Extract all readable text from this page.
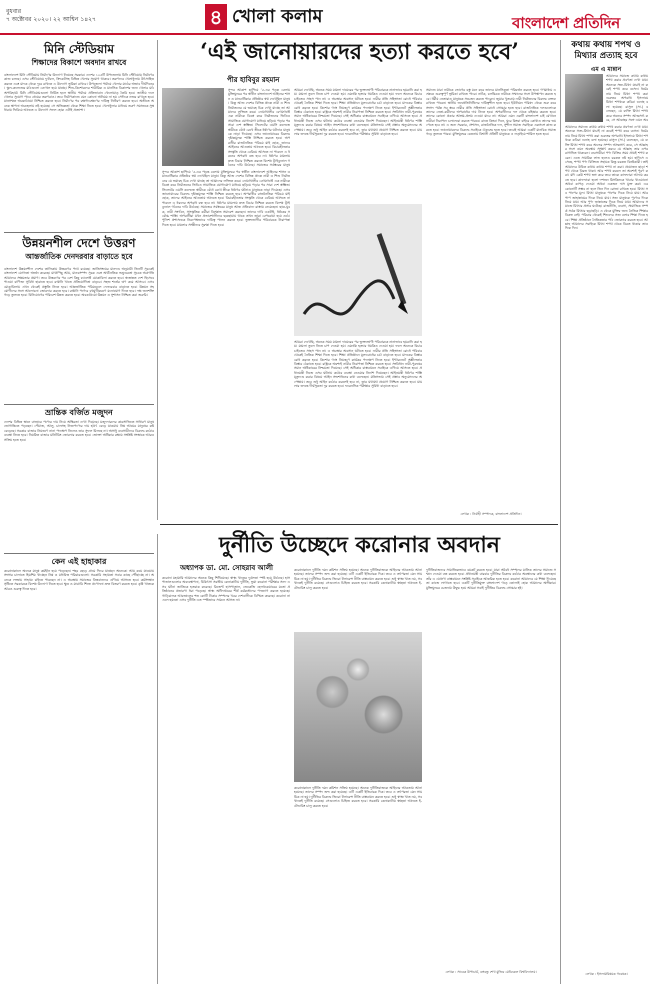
বুধবার
৭ অক্টোবর ২০২০। ২২ আশ্বিন ১৪২৭	৪ খোলা কলাম	বাংলাদেশ প্রতিদিন
মিনি স্টেডিয়াম
শিক্ষাদের বিকাশে অবদান রাখবে
বাংলাদেশে মিনি স্টেডিয়াম নির্মাণের উদ্যোগ নিয়েছে সরকার। দেশের ১২৫টি উপজেলায় মিনি স্টেডিয়াম নির্মাণের কাজ চলছে। এসব স্টেডিয়ামে ফুটবল, ক্রিকেটসহ বিভিন্ন খেলার সুযোগ থাকবে। তরুণদের খেলাধুলায় উৎসাহিত করতে এবং মাদক থেকে দূরে রাখতে এ উদ্যোগ ভূমিকা রাখবে। উপজেলা পর্যায়ে খেলার মাঠের অভাব দীর্ঘদিনের। স্কুল-কলেজের মাঠগুলো বেদখল হয়ে যাচ্ছে। শিশু-কিশোরদের শারীরিক ও মানসিক বিকাশের জন্য খেলার মাঠ অপরিহার্য। মিনি স্টেডিয়ামগুলো নির্মিত হলে স্থানীয় পর্যায়ে প্রতিভাবান খেলোয়াড় তৈরি হবে। জাতীয় দলে খেলার সুযোগ পাবে গ্রামের তরুণরাও। তবে নির্মাণকাজে যেন কোনো অনিয়ম না হয় সেদিকে নজর রাখতে হবে। মানসম্মত অবকাঠামো নিশ্চিত করতে হবে। নির্মাণের পর রক্ষণাবেক্ষণের দায়িত্ব নির্ধারণ করতে হবে। অতীতে অনেক স্থাপনা অবহেলায় নষ্ট হয়েছে। সে অভিজ্ঞতা থেকে শিক্ষা নিতে হবে। খেলাধুলার মাধ্যমে তরুণ সমাজকে সুস্থ ধারায় ফিরিয়ে আনতে এ উদ্যোগ সফল হোক এটাই প্রত্যাশা।
উন্নয়নশীল দেশে উত্তরণ
আন্তর্জাতিক দেনদরবার বাড়াতে হবে
বাংলাদেশ উন্নয়নশীল দেশের তালিকায় উত্তরণের পথে রয়েছে। জাতিসংঘের মানদণ্ড অনুযায়ী তিনটি সূচকেই বাংলাদেশ যোগ্যতা অর্জন করেছে। মাথাপিছু আয়, মানবসম্পদ সূচক এবং অর্থনৈতিক ভঙ্গুরতা সূচকে অগ্রগতি আমাদের সক্ষমতার প্রমাণ। তবে উত্তরণের পর বেশ কিছু চ্যালেঞ্জ মোকাবিলা করতে হবে। স্বল্পোন্নত দেশ হিসেবে পাওয়া বাণিজ্য সুবিধা হারাতে হবে। রপ্তানি খাতে প্রতিযোগিতা বাড়বে। সহজ শর্তের ঋণ কমে আসবে। এসব মোকাবিলায় এখন থেকেই প্রস্তুতি নিতে হবে। আন্তর্জাতিক পরিমণ্ডলে দেনদরবার বাড়াতে হবে। উন্নয়ন সহযোগীদের সঙ্গে আলোচনা জোরদার করতে হবে। রপ্তানি পণ্যের বহুমুখীকরণে মনোযোগ দিতে হবে। দক্ষ জনশক্তি গড়ে তুলতে হবে। বিনিয়োগের পরিবেশ উন্নত করতে হবে। অবকাঠামো উন্নয়ন ও সুশাসন নিশ্চিত করা জরুরি।
ভ্রান্তিক বর্জিত মজুদন
দেশের বিভিন্ন স্থানে বাজারে পণ্যের দাম নিয়ে অস্থিরতা দেখা দিয়েছে। মজুদদারদের কারসাজিতে সাধারণ মানুষ ভোগান্তিতে পড়ছেন। পেঁয়াজ, আলু, চালসহ নিত্যপণ্যের দাম হঠাৎ বেড়ে যাওয়ায় নিম্ন আয়ের মানুষের কষ্ট বেড়েছে। সরকার বাজার নিয়ন্ত্রণে নানা পদক্ষেপ নিলেও তার সুফল মিলছে না। অসাধু ব্যবসায়ীদের বিরুদ্ধে কঠোর ব্যবস্থা নিতে হবে। নিয়মিত বাজার মনিটরিং জোরদার করতে হবে। ভোক্তা অধিকার রক্ষায় সংশ্লিষ্ট সংস্থাকে আরও সক্রিয় হতে হবে।
কেন এই হাহাকার
করোনাকালে অনেক মানুষ কর্মহীন হয়ে পড়েছেন। শহর ছেড়ে গ্রামে ফিরে যাচ্ছেন অনেকে। আয় কমে যাওয়ায় সংসার চালাতে হিমশিম খাচ্ছেন নিম্ন ও মধ্যবিত্ত পরিবারগুলো। সরকারি সহায়তা সবার কাছে পৌঁছাচ্ছে না। অনেকে লজ্জায় সাহায্য চাইতে পারছেন না। এ অবস্থায় সমাজের বিত্তবানদের এগিয়ে আসতে হবে। কর্মসংস্থান সৃষ্টিতে সরকারকে বিশেষ উদ্যোগ নিতে হবে। ক্ষুদ্র ও মাঝারি শিল্পে প্রণোদনা দ্রুত বিতরণ করতে হবে। কৃষি খাতকে আরও গুরুত্ব দিতে হবে।
‘এই জানোয়ারদের হত্যা করতে হবে’
পীর হাবিবুর রহমান
সুন্দর আকাশ ছাপিয়ে ‘৫-এর পড়ন্ত বেলায় মুক্তিযুদ্ধের পর স্বাধীন বাংলাদেশে আইনের শাসন ও মানবাধিকার প্রতিষ্ঠার স্বপ্ন দেখেছিল মানুষ। কিন্তু আজ দেশের বিভিন্ন প্রান্তে নারী ও শিশু নির্যাতনের যে ভয়াবহ চিত্র দেখা যাচ্ছে তা আমাদের লজ্জিত করে। নোয়াখালীর বেগমগঞ্জে এক নারীকে বিবস্ত্র করে নির্যাতনের ভিডিও সামাজিক যোগাযোগ মাধ্যমে ছড়িয়ে পড়ার পর সারা দেশ স্তম্ভিত। সিলেটের এমসি কলেজে স্বামীকে বেঁধে রেখে স্ত্রীকে ধর্ষণের ঘটনাও মানুষকে নাড়া দিয়েছে। এসব জানোয়ারের বিরুদ্ধে দৃষ্টান্তমূলক শাস্তি নিশ্চিত করতে হবে। অপরাধীর রাজনৈতিক পরিচয় যাই হোক, তাদের আইনের আওতায় আনতে হবে। বিচারহীনতার সংস্কৃতি থেকে বেরিয়ে আসতে না পারলে এ ধরনের অপরাধ বন্ধ হবে না। ধর্ষণের মামলায় দ্রুত বিচার নিশ্চিত করতে বিশেষ ট্রাইব্যুনাল গঠনের দাবি উঠেছে। সমাজের সর্বস্তরের মানুষ
সুন্দর আকাশ ছাপিয়ে ‘৫-এর পড়ন্ত বেলায় মুক্তিযুদ্ধের পর স্বাধীন বাংলাদেশে আইনের শাসন ও মানবাধিকার প্রতিষ্ঠার স্বপ্ন দেখেছিল মানুষ। কিন্তু আজ দেশের বিভিন্ন প্রান্তে নারী ও শিশু নির্যাতনের যে ভয়াবহ চিত্র দেখা যাচ্ছে তা আমাদের লজ্জিত করে। নোয়াখালীর বেগমগঞ্জে এক নারীকে বিবস্ত্র করে নির্যাতনের ভিডিও সামাজিক যোগাযোগ মাধ্যমে ছড়িয়ে পড়ার পর সারা দেশ স্তম্ভিত। সিলেটের এমসি কলেজে স্বামীকে বেঁধে রেখে স্ত্রীকে ধর্ষণের ঘটনাও মানুষকে নাড়া দিয়েছে। এসব জানোয়ারের বিরুদ্ধে দৃষ্টান্তমূলক শাস্তি নিশ্চিত করতে হবে। অপরাধীর রাজনৈতিক পরিচয় যাই হোক, তাদের আইনের আওতায় আনতে হবে। বিচারহীনতার সংস্কৃতি থেকে বেরিয়ে আসতে না পারলে এ ধরনের অপরাধ বন্ধ হবে না। ধর্ষণের মামলায় দ্রুত বিচার নিশ্চিত করতে বিশেষ ট্রাইব্যুনাল গঠনের দাবি উঠেছে। সমাজের সর্বস্তরের মানুষ আজ প্রতিবাদে রাস্তায় নেমেছেন। ছাত্র-যুবক, নারী সংগঠন, সাংস্কৃতিক কর্মীরা বিক্ষোভ সমাবেশ করছেন। তাদের দাবি একটাই, ধর্ষকের সর্বোচ্চ শাস্তি। অপরাধীরা যখন প্রভাবশালীদের ছত্রছায়ায় থাকে তখন তারা বেপরোয়া হয়ে ওঠে। পুলিশ প্রশাসনকে নিরপেক্ষভাবে দায়িত্ব পালন করতে হবে। ভুক্তভোগীর পরিবারকে নিরাপত্তা দিতে হবে। মামলার সাক্ষীদের সুরক্ষা দিতে হবে।
আমরা দেখেছি, অনেক সময় মামলা দায়েরের পর ভুক্তভোগী পরিবারকে নানাভাবে হয়রানি করা হয়। মামলা তুলে নিতে চাপ দেওয়া হয়। এমনকি হত্যার হুমকিও দেওয়া হয়। ফলে অনেকে বিচার চাইতেও সাহস পান না। এ অবস্থার অবসান ঘটাতে হবে। নারীর প্রতি সহিংসতা রোধে পরিবার থেকেই নৈতিক শিক্ষা দিতে হবে। শিক্ষা প্রতিষ্ঠানে মূল্যবোধের চর্চা বাড়াতে হবে। মাদকের বিস্তার রোধ করতে হবে। কিশোর গ্যাং নিয়ন্ত্রণে কার্যকর পদক্ষেপ নিতে হবে। ইন্টারনেটে অশ্লীলতার বিস্তার ঠেকাতে হবে। রাষ্ট্রকে অবশ্যই নারীর নিরাপত্তা নিশ্চিত করতে হবে। সংবিধান নারী-পুরুষের সমান অধিকারের নিশ্চয়তা দিয়েছে। সেই অধিকার বাস্তবায়নে সবাইকে এগিয়ে আসতে হবে। প্রধানমন্ত্রী নিজে এসব ঘটনায় কঠোর ব্যবস্থা নেওয়ার নির্দেশ দিয়েছেন। আইনমন্ত্রী ধর্ষণের শাস্তি মৃত্যুদণ্ড করার বিষয়ে আইন সংশোধনের কথা বলেছেন। মন্ত্রিসভায় সেই প্রস্তাব অনুমোদনের অপেক্ষায়। তবে শুধু আইন কঠোর করলেই হবে না, তার যথাযথ প্রয়োগ নিশ্চিত করতে হবে। মামলার তদন্তে দীর্ঘসূত্রতা দূর করতে হবে। ফরেনসিক পরীক্ষার সুবিধা বাড়াতে হবে।
সমাজে যারা নারীকে ভোগের বস্তু মনে করে তাদের মানসিকতা পরিবর্তন করতে হবে। গণমাধ্যম এ ক্ষেত্রে গুরুত্বপূর্ণ ভূমিকা রাখতে পারে। নাটক, চলচ্চিত্রে নারীকে সম্মানের সঙ্গে উপস্থাপন করতে হবে। ধর্মীয় নেতারাও মানুষকে সচেতন করতে পারেন। জুমার খুতবায় নারী নির্যাতনের বিরুদ্ধে বক্তব্য রাখতে পারেন। স্থানীয় জনপ্রতিনিধিদের দায়িত্বশীল হতে হবে। ইউনিয়ন পরিষদ থেকে শুরু করে সংসদ পর্যন্ত সব স্তরে নারীর প্রতি সহিংসতা রোধে সোচ্চার হতে হবে। রাজনৈতিক দলগুলোকে তাদের নেতা-কর্মীদের অপরাধের দায় নিতে হবে। অপরাধীদের দল থেকে বহিষ্কার করতে হবে। তাদের কোনো প্রকার আশ্রয়-প্রশ্রয় দেওয়া যাবে না। আমরা এমন একটি বাংলাদেশ চাই যেখানে নারীরা নিরাপদে চলাফেরা করতে পারবে। রাতে কিংবা দিনে, ঘরে কিংবা বাইরে কোথাও তাদের ভয় পেতে হবে না। এ জন্য সরকার, প্রশাসন, রাজনৈতিক দল, সুশীল সমাজ সবাইকে একসঙ্গে কাজ করতে হবে। জানোয়ারদের বিরুদ্ধে সবাইকে ঐক্যবদ্ধ হতে হবে। তবেই আমরা একটি মানবিক সমাজ গড়ে তুলতে পারব। মুক্তিযুদ্ধের চেতনায় বিশ্বাসী প্রতিটি মানুষকে এ লড়াইয়ে শামিল হতে হবে।
আমরা দেখেছি, অনেক সময় মামলা দায়েরের পর ভুক্তভোগী পরিবারকে নানাভাবে হয়রানি করা হয়। মামলা তুলে নিতে চাপ দেওয়া হয়। এমনকি হত্যার হুমকিও দেওয়া হয়। ফলে অনেকে বিচার চাইতেও সাহস পান না। এ অবস্থার অবসান ঘটাতে হবে। নারীর প্রতি সহিংসতা রোধে পরিবার থেকেই নৈতিক শিক্ষা দিতে হবে। শিক্ষা প্রতিষ্ঠানে মূল্যবোধের চর্চা বাড়াতে হবে। মাদকের বিস্তার রোধ করতে হবে। কিশোর গ্যাং নিয়ন্ত্রণে কার্যকর পদক্ষেপ নিতে হবে। ইন্টারনেটে অশ্লীলতার বিস্তার ঠেকাতে হবে। রাষ্ট্রকে অবশ্যই নারীর নিরাপত্তা নিশ্চিত করতে হবে। সংবিধান নারী-পুরুষের সমান অধিকারের নিশ্চয়তা দিয়েছে। সেই অধিকার বাস্তবায়নে সবাইকে এগিয়ে আসতে হবে। প্রধানমন্ত্রী নিজে এসব ঘটনায় কঠোর ব্যবস্থা নেওয়ার নির্দেশ দিয়েছেন। আইনমন্ত্রী ধর্ষণের শাস্তি মৃত্যুদণ্ড করার বিষয়ে আইন সংশোধনের কথা বলেছেন। মন্ত্রিসভায় সেই প্রস্তাব অনুমোদনের অপেক্ষায়। তবে শুধু আইন কঠোর করলেই হবে না, তার যথাযথ প্রয়োগ নিশ্চিত করতে হবে। মামলার তদন্তে দীর্ঘসূত্রতা দূর করতে হবে। ফরেনসিক পরীক্ষার সুবিধা বাড়াতে হবে।
লেখক : নির্বাহী সম্পাদক, বাংলাদেশ প্রতিদিন।
কথায় কথায় শপথ ও মিথ্যার প্রত্যাহ হবে
এম এ মান্নান
আমাদের সমাজে কথায় কথায় শপথ করার প্রবণতা দেখা যায়। অনেকে সত্য-মিথ্যা যাচাই না করেই শপথ করে বসেন। ধর্মের নাম নিয়ে মিথ্যা শপথ করা গুরুতর অপরাধ। ইসলামে মিথ্যা শপথকে কবিরা গুনাহ বলা হয়েছে। রাসুল (সা.) বলেছেন, যে ব্যক্তি মিথ্যা শপথ করে অন্যের সম্পদ আত্মসাৎ করে, সে আল্লাহর সঙ্গে এমন অব
আমাদের সমাজে কথায় কথায় শপথ করার প্রবণতা দেখা যায়। অনেকে সত্য-মিথ্যা যাচাই না করেই শপথ করে বসেন। ধর্মের নাম নিয়ে মিথ্যা শপথ করা গুরুতর অপরাধ। ইসলামে মিথ্যা শপথকে কবিরা গুনাহ বলা হয়েছে। রাসুল (সা.) বলেছেন, যে ব্যক্তি মিথ্যা শপথ করে অন্যের সম্পদ আত্মসাৎ করে, সে আল্লাহর সঙ্গে এমন অবস্থায় সাক্ষাৎ করবে যে আল্লাহ তার ওপর রাগান্বিত থাকবেন। ব্যবসায়ীরা পণ্য বিক্রির সময় প্রায়ই শপথ করেন। এতে সাময়িক লাভ হলেও বরকত নষ্ট হয়। হাদিসে এসেছে, শপথ পণ্য বিক্রিতে সহায়ক কিন্তু বরকত বিনষ্টকারী। তাই আমাদের উচিত কথায় কথায় শপথ না করা। প্রয়োজন ছাড়া শপথ থেকে বিরত থাকা। আর শপথ করলে তা অবশ্যই পূরণ করা। যদি কেউ শপথ ভঙ্গ করে তবে তাকে কাফফারা আদায় করতে হবে। কাফফারা হলো দশজন মিসকিনকে খাবার খাওয়ানো অথবা কাপড় দেওয়া অথবা একজন দাস মুক্ত করা। এর কোনোটি সম্ভব না হলে তিন দিন রোজা রাখতে হবে। মিথ্যা সব পাপের মূল। মিথ্যা মানুষকে পাপের দিকে নিয়ে যায়। আর পাপ জাহান্নামের দিকে নিয়ে যায়। সত্য মানুষকে পুণ্যের দিকে নিয়ে যায়। আর পুণ্য জান্নাতের দিকে নিয়ে যায়। আমাদের সমাজে মিথ্যার প্রসার ঘটেছে। রাজনীতি, ব্যবসা, সামাজিক সম্পর্ক সর্বত্র মিথ্যার ছড়াছড়ি। এ থেকে মুক্তির জন্য নৈতিক শিক্ষার বিকল্প নেই। পরিবার থেকেই শিশুদের সত্য বলার শিক্ষা দিতে হবে। শিক্ষা প্রতিষ্ঠানে নৈতিকতার পাঠ জোরদার করতে হবে। আল্লাহ আমাদের সবাইকে মিথ্যা শপথ থেকে বিরত থাকার তাওফিক দিন।
লেখক : ইসলামবিষয়ক গবেষক।
দুর্নীতি উচ্ছেদে করোনার অবদান
অধ্যাপক ডা. মো. সোহরাব আলী
করোনা মহামারি আমাদের অনেক কিছু শিখিয়েছে। স্বাস্থ্য খাতের দুর্বলতা স্পষ্ট হয়ে উঠেছে। হাসপাতালগুলোর অব্যবস্থাপনা, চিকিৎসা সরঞ্জাম কেনাকাটায় দুর্নীতি, ভুয়া করোনা পরীক্ষার সনদ এসব ঘটনা জাতিকে হতবাক করেছে। রিজেন্ট হাসপাতাল, জেকেজি হেলথকেয়ারের মতো প্রতিষ্ঠানের প্রতারণা ধরা পড়েছে। স্বাস্থ্য অধিদপ্তরের শীর্ষ কর্মকর্তাদের পদত্যাগ করতে হয়েছে। গাড়িচালক আবজালের শত কোটি টাকার সম্পদের খবর দেশবাসীকে বিস্মিত করেছে। করোনা না এলে হয়তো এসব দুর্নীতি এত স্পষ্টভাবে সামনে আসত না।
করোনাকালে দুর্নীতি দমন কমিশন সক্রিয় হয়েছে। অনেক দুর্নীতিবাজকে আইনের আওতায় আনা হয়েছে। তাদের সম্পদ জব্দ করা হয়েছে। এটি একটি ইতিবাচক দিক। তবে এ তৎপরতা যেন সাময়িক না হয়। দুর্নীতির বিরুদ্ধে জিরো টলারেন্স নীতি বাস্তবায়ন করতে হবে। শুধু স্বাস্থ্য খাত নয়, সব খাতেই দুর্নীতি রয়েছে। সেগুলোও চিহ্নিত করতে হবে। সরকারি কেনাকাটায় স্বচ্ছতা আনতে ই-টেন্ডারিং চালু করতে হবে।
করোনাকালে দুর্নীতি দমন কমিশন সক্রিয় হয়েছে। অনেক দুর্নীতিবাজকে আইনের আওতায় আনা হয়েছে। তাদের সম্পদ জব্দ করা হয়েছে। এটি একটি ইতিবাচক দিক। তবে এ তৎপরতা যেন সাময়িক না হয়। দুর্নীতির বিরুদ্ধে জিরো টলারেন্স নীতি বাস্তবায়ন করতে হবে। শুধু স্বাস্থ্য খাত নয়, সব খাতেই দুর্নীতি রয়েছে। সেগুলোও চিহ্নিত করতে হবে। সরকারি কেনাকাটায় স্বচ্ছতা আনতে ই-টেন্ডারিং চালু করতে হবে।
দুর্নীতিবাজদের সামাজিকভাবে বয়কট করতে হবে। যারা অবৈধ সম্পদের মালিক তাদের সমাজে সম্মান দেওয়া বন্ধ করতে হবে। প্রধানমন্ত্রী বারবার দুর্নীতির বিরুদ্ধে কঠোর অবস্থানের কথা বলেছেন। তাঁর এ ঘোষণা বাস্তবায়নে সংশ্লিষ্ট সবাইকে আন্তরিক হতে হবে। করোনা আমাদের যে শিক্ষা দিয়েছে তা কাজে লাগাতে হবে। একটি দুর্নীতিমুক্ত বাংলাদেশ গড়ে তোলাই হোক আমাদের অঙ্গীকার। মুক্তিযুদ্ধের চেতনায় উদ্বুদ্ধ হয়ে আমরা সবাই দুর্নীতির বিরুদ্ধে সোচ্চার হই।
লেখক : সাবেক উপাচার্য, বঙ্গবন্ধু শেখ মুজিব মেডিকেল বিশ্ববিদ্যালয়।
